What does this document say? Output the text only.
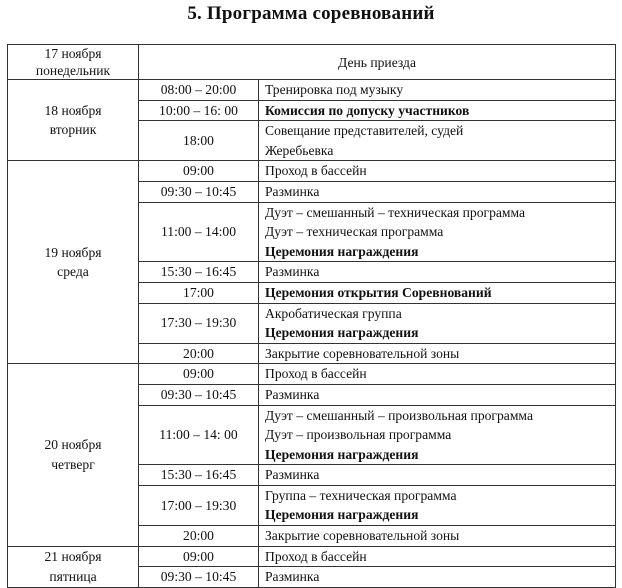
5. Программа соревнований
17 ноября
понедельник	День приезда	

18 ноября
вторник	08:00 – 20:00	Тренировка под музыку

	10:00 – 16: 00	Комиссия по допуску участников

	18:00	Совещание представителей, судей
Жеребьевка

19 ноября
среда	09:00	Проход в бассейн

	09:30 – 10:45	Разминка

	11:00 – 14:00	Дуэт – смешанный – техническая программа
Дуэт – техническая программа
Церемония награждения

	15:30 – 16:45	Разминка

	17:00	Церемония открытия Соревнований

	17:30 – 19:30	Акробатическая группа
Церемония награждения

	20:00	Закрытие соревновательной зоны

20 ноября
четверг	09:00	Проход в бассейн

	09:30 – 10:45	Разминка

	11:00 – 14: 00	Дуэт – смешанный – произвольная программа
Дуэт – произвольная программа
Церемония награждения

	15:30 – 16:45	Разминка

	17:00 – 19:30	Группа – техническая программа
Церемония награждения

	20:00	Закрытие соревновательной зоны

21 ноября
пятница	09:00	Проход в бассейн

	09:30 – 10:45	Разминка
